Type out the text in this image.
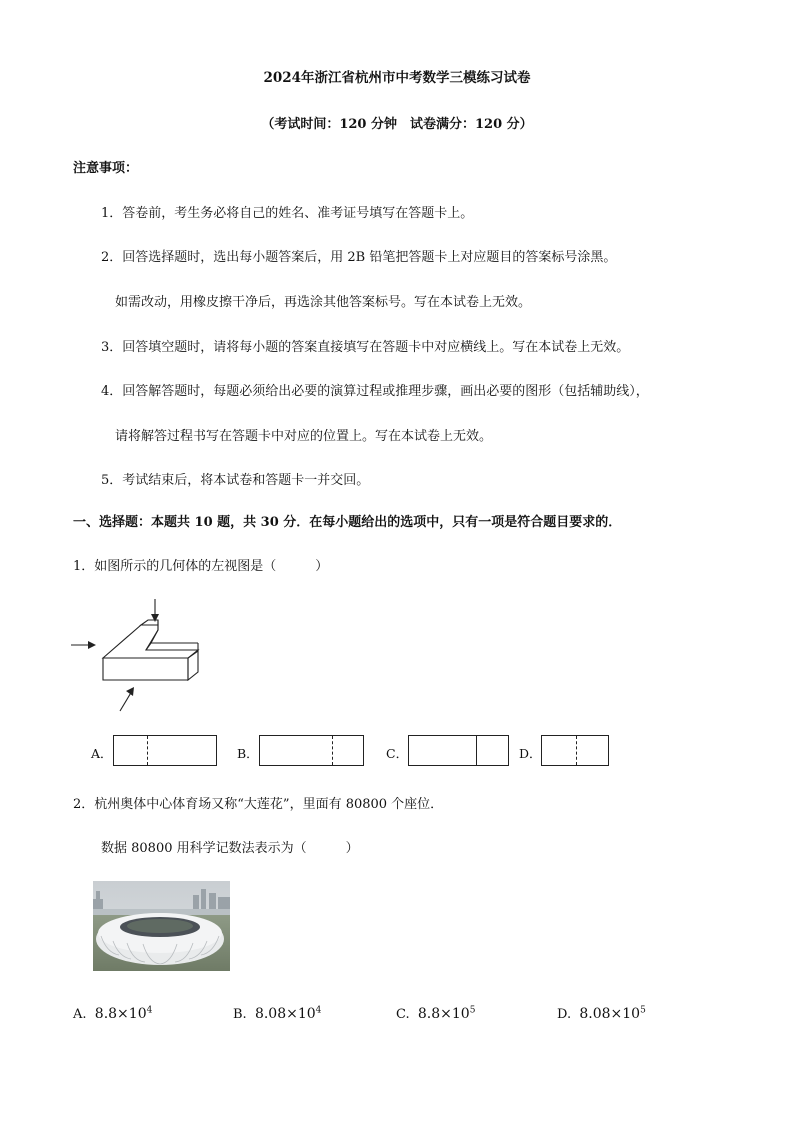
2024年浙江省杭州市中考数学三模练习试卷
（考试时间：120 分钟　试卷满分：120 分）
注意事项：
1．答卷前，考生务必将自己的姓名、准考证号填写在答题卡上。
2．回答选择题时，选出每小题答案后，用 2B 铅笔把答题卡上对应题目的答案标号涂黑。
如需改动，用橡皮擦干净后，再选涂其他答案标号。写在本试卷上无效。
3．回答填空题时，请将每小题的答案直接填写在答题卡中对应横线上。写在本试卷上无效。
4．回答解答题时，每题必须给出必要的演算过程或推理步骤，画出必要的图形（包括辅助线），
请将解答过程书写在答题卡中对应的位置上。写在本试卷上无效。
5．考试结束后，将本试卷和答题卡一并交回。
一、选择题：本题共 10 题，共 30 分．在每小题给出的选项中，只有一项是符合题目要求的．
1．如图所示的几何体的左视图是（　　　）
A．	B．	C．	D．
2．杭州奥体中心体育场又称“大莲花”，里面有 80800 个座位．
数据 80800 用科学记数法表示为（　　　）
A. $8.8\times 10^4$	B. $8.08\times 10^4$	C. $8.8\times 10^5$	D. $8.08\times 10^5$
